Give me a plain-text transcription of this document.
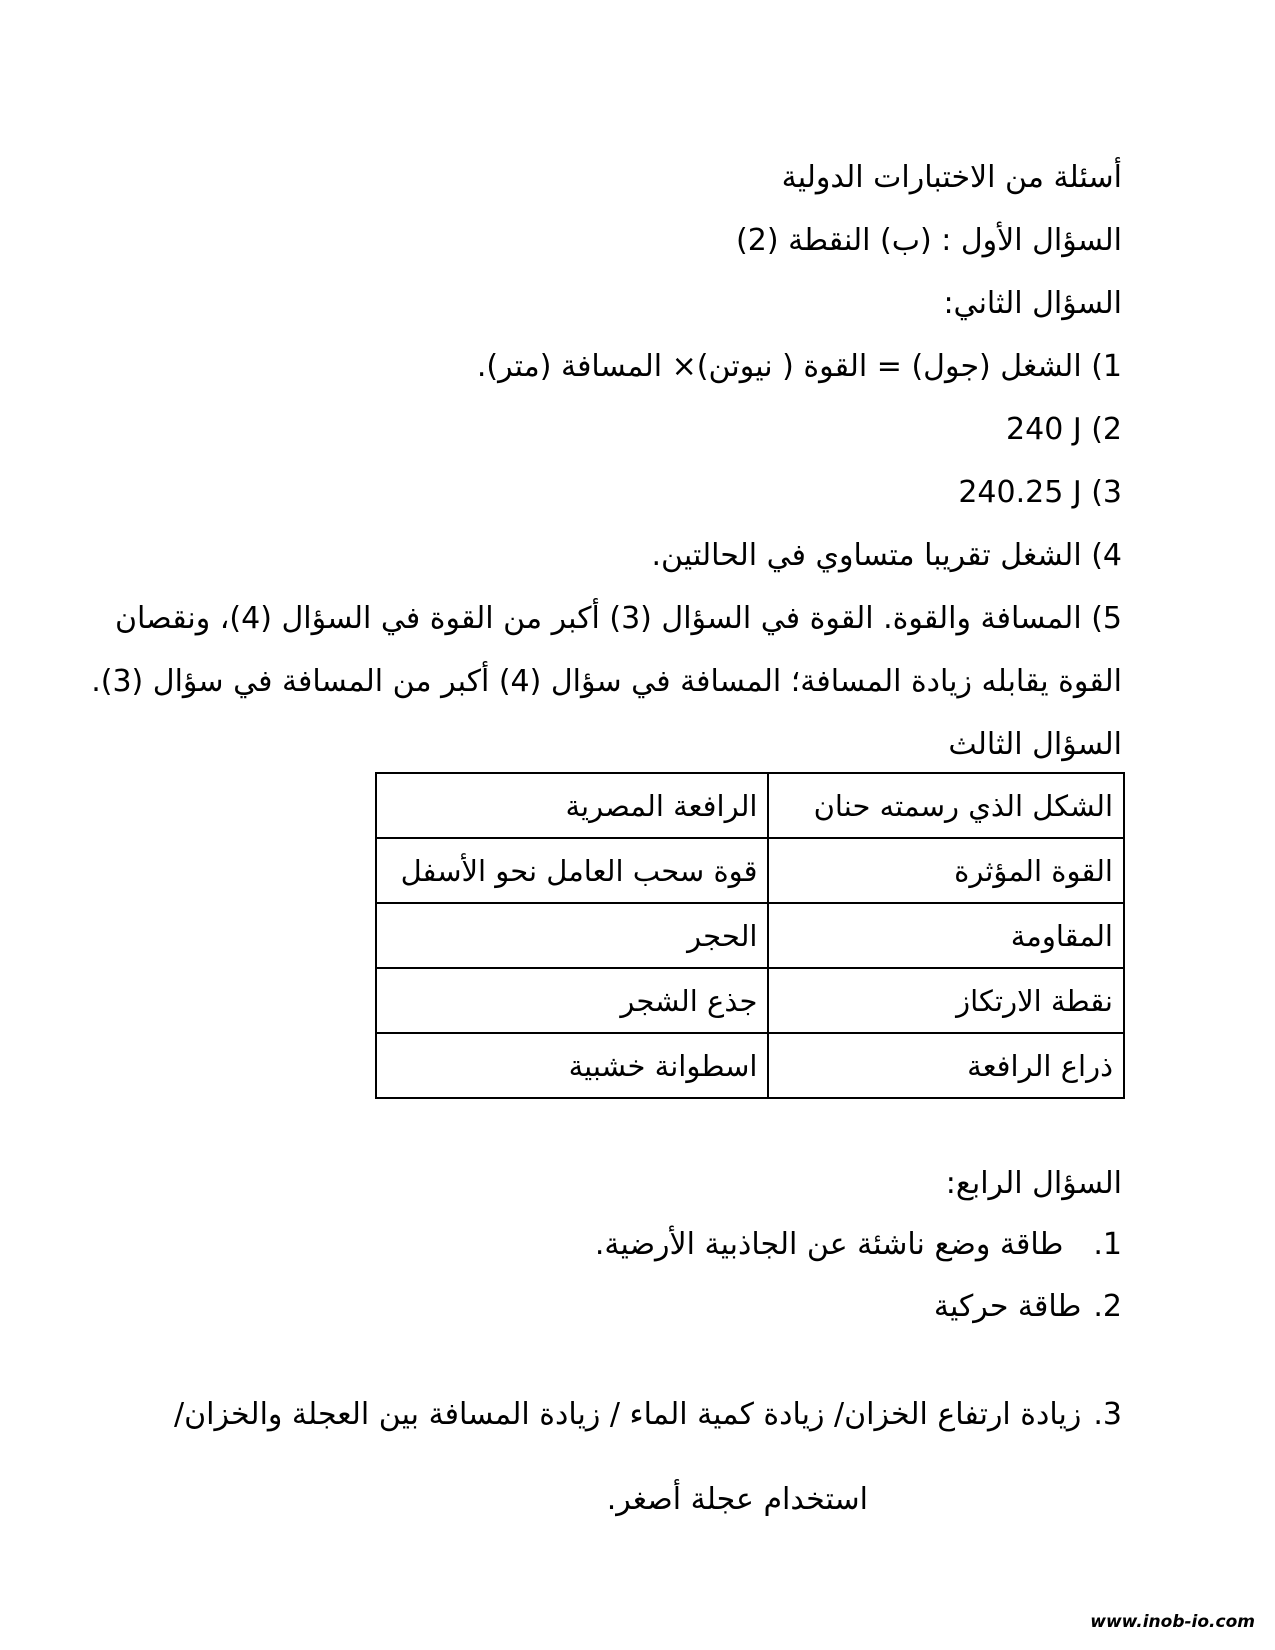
أسئلة من الاختبارات الدولية
السؤال الأول : (ب) النقطة (2)
السؤال الثاني:
1) الشغل (جول) = القوة ( نيوتن)× المسافة (متر).
240 J (2
240.25 J (3
4) الشغل تقريبا متساوي في الحالتين.
5) المسافة والقوة. القوة في السؤال (3) أكبر من القوة في السؤال (4)، ونقصان
القوة يقابله زيادة المسافة؛ المسافة في سؤال (4) أكبر من المسافة في سؤال (3).
السؤال الثالث
الشكل الذي رسمته حنان	الرافعة المصرية
القوة المؤثرة	قوة سحب العامل نحو الأسفل
المقاومة	الحجر
نقطة الارتكاز	جذع الشجر
ذراع الرافعة	اسطوانة خشبية
السؤال الرابع:
1.طاقة وضع ناشئة عن الجاذبية الأرضية.
2.طاقة حركية
3.زيادة ارتفاع الخزان/ زيادة كمية الماء / زيادة المسافة بين العجلة والخزان/
استخدام عجلة أصغر.
www.inob-io.com
